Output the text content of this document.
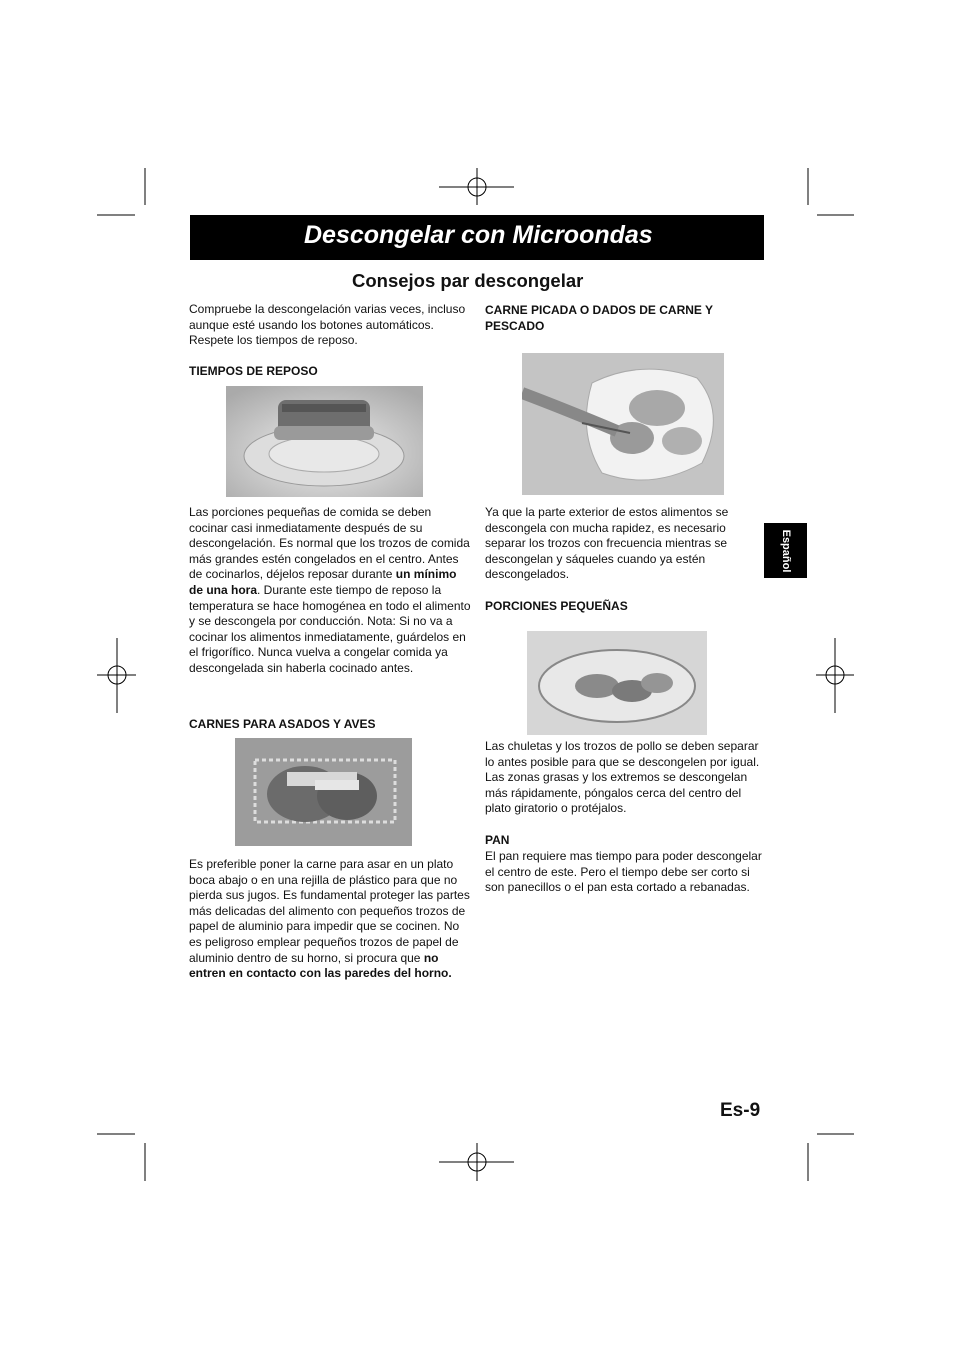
Descongelar con Microondas
Consejos par descongelar
Compruebe la descongelación varias veces, incluso aunque esté usando los botones automáticos. Respete los tiempos de reposo.
TIEMPOS DE REPOSO
Las porciones pequeñas de comida se deben cocinar casi inmediatamente después de su descongelación. Es normal que los trozos de comida más grandes estén congelados en el centro. Antes de cocinarlos, déjelos reposar durante un mínimo de una hora. Durante este tiempo de reposo la temperatura se hace homogénea en todo el alimento y se descongela por conducción. Nota: Si no va a cocinar los alimentos inmediatamente, guárdelos en el frigorífico. Nunca vuelva a congelar comida ya descongelada sin haberla cocinado antes.
CARNES PARA ASADOS Y AVES
Es preferible poner la carne para asar en un plato boca abajo o en una rejilla de plástico para que no pierda sus jugos. Es fundamental proteger las partes más delicadas del alimento con pequeños trozos de papel de aluminio para impedir que se cocinen. No es peligroso emplear pequeños trozos de papel de aluminio dentro de su horno, si procura que no entren en contacto con las paredes del horno.
CARNE PICADA O DADOS DE CARNE Y PESCADO
Ya que la parte exterior de estos alimentos se descongela con mucha rapidez, es necesario separar los trozos con frecuencia mientras se descongelan y sáqueles cuando ya estén descongelados.
PORCIONES PEQUEÑAS
Las chuletas y los trozos de pollo se deben separar lo antes posible para que se descongelen por igual. Las zonas grasas y los extremos se descongelan más rápidamente, póngalos cerca del centro del plato giratorio o protéjalos.
PAN
El pan requiere mas tiempo para poder descongelar el centro de este. Pero el tiempo debe ser corto si son panecillos o el pan esta cortado a rebanadas.
Español
Es-9
